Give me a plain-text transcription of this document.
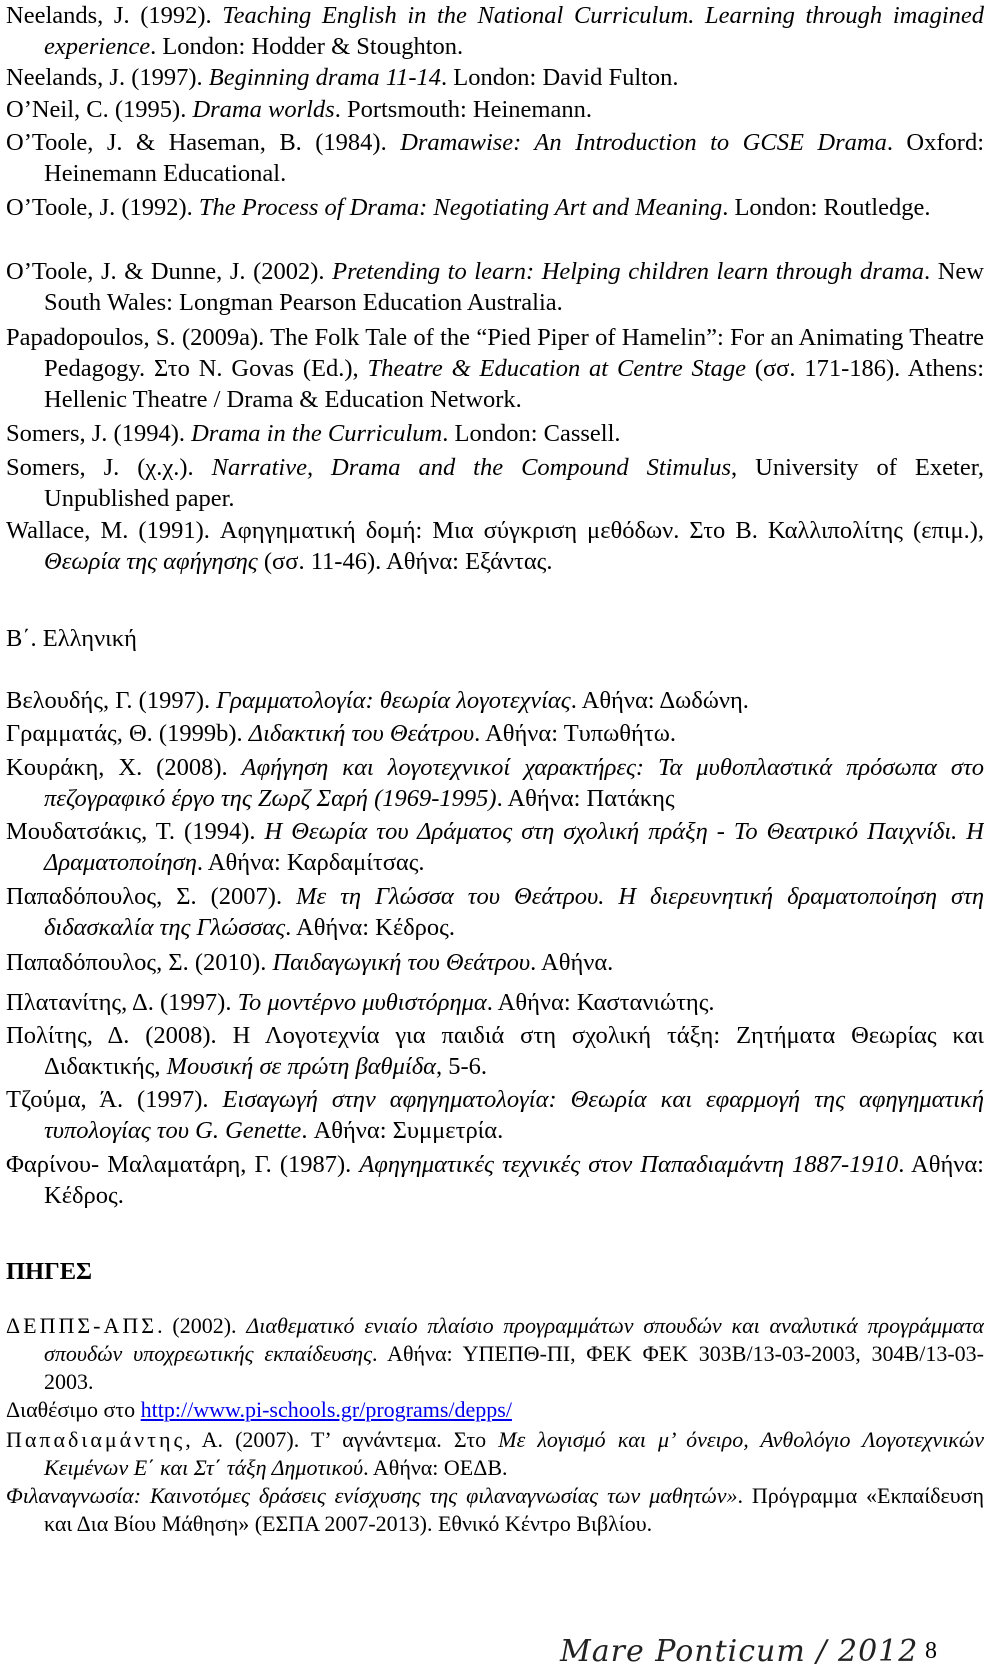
Neelands, J. (1992). Teaching English in the National Curriculum. Learning through imagined experience. London: Hodder & Stoughton.
Neelands, J. (1997). Beginning drama 11-14. London: David Fulton.
O’Neil, C. (1995). Drama worlds. Portsmouth: Heinemann.
O’Toole, J. & Haseman, B. (1984). Dramawise: An Introduction to GCSE Drama. Oxford: Heinemann Educational.
O’Toole, J. (1992). The Process of Drama: Negotiating Art and Meaning. London: Routledge.
O’Toole, J. & Dunne, J. (2002). Pretending to learn: Helping children learn through drama. New South Wales: Longman Pearson Education Australia.
Papadopoulos, S. (2009a). The Folk Tale of the “Pied Piper of Hamelin”: For an Animating Theatre Pedagogy. Στο N. Govas (Ed.), Theatre & Education at Centre Stage (σσ. 171-186). Athens: Hellenic Theatre / Drama & Education Network.
Somers, J. (1994). Drama in the Curriculum. London: Cassell.
Somers, J. (χ.χ.). Narrative, Drama and the Compound Stimulus, University of Exeter, Unpublished paper.
Wallace, M. (1991). Αφηγηματική δομή: Μια σύγκριση μεθόδων. Στο Β. Καλλιπολίτης (επιμ.), Θεωρία της αφήγησης (σσ. 11-46). Αθήνα: Εξάντας.
Β΄. Ελληνική
Βελουδής, Γ. (1997). Γραμματολογία: θεωρία λογοτεχνίας. Αθήνα: Δωδώνη.
Γραμματάς, Θ. (1999b). Διδακτική του Θεάτρου. Αθήνα: Τυπωθήτω.
Κουράκη, Χ. (2008). Αφήγηση και λογοτεχνικοί χαρακτήρες: Τα μυθοπλαστικά πρόσωπα στο πεζογραφικό έργο της Ζωρζ Σαρή (1969-1995). Αθήνα: Πατάκης
Μουδατσάκις, Τ. (1994). Η Θεωρία του Δράματος στη σχολική πράξη - Το Θεατρικό Παιχνίδι. Η Δραματοποίηση. Αθήνα: Καρδαμίτσας.
Παπαδόπουλος, Σ. (2007). Με τη Γλώσσα του Θεάτρου. Η διερευνητική δραματοποίηση στη διδασκαλία της Γλώσσας. Αθήνα: Κέδρος.
Παπαδόπουλος, Σ. (2010). Παιδαγωγική του Θεάτρου. Αθήνα.
Πλατανίτης, Δ. (1997). Το μοντέρνο μυθιστόρημα. Αθήνα: Καστανιώτης.
Πολίτης, Δ. (2008). Η Λογοτεχνία για παιδιά στη σχολική τάξη: Ζητήματα Θεωρίας και Διδακτικής, Μουσική σε πρώτη βαθμίδα, 5-6.
Τζούμα, Ά. (1997). Εισαγωγή στην αφηγηματολογία: Θεωρία και εφαρμογή της αφηγηματική τυπολογίας του G. Genette. Αθήνα: Συμμετρία.
Φαρίνου- Μαλαματάρη, Γ. (1987). Αφηγηματικές τεχνικές στον Παπαδιαμάντη 1887-1910. Αθήνα: Κέδρος.
ΠΗΓΕΣ
ΔΕΠΠΣ-ΑΠΣ. (2002). Διαθεματικό ενιαίο πλαίσιο προγραμμάτων σπουδών και αναλυτικά προγράμματα σπουδών υποχρεωτικής εκπαίδευσης. Αθήνα: ΥΠΕΠΘ-ΠΙ, ΦΕΚ ΦΕΚ 303Β/13-03-2003, 304Β/13-03-2003.
Διαθέσιμο στο http://www.pi-schools.gr/programs/depps/
Παπαδιαμάντης, Α. (2007). Τ’ αγνάντεμα. Στο Με λογισμό και μ’ όνειρο, Ανθολόγιο Λογοτεχνικών Κειμένων Ε΄ και Στ΄ τάξη Δημοτικού. Αθήνα: ΟΕΔΒ.
Φιλαναγνωσία: Καινοτόμες δράσεις ενίσχυσης της φιλαναγνωσίας των μαθητών». Πρόγραμμα «Εκπαίδευση και Δια Βίου Μάθηση» (ΕΣΠΑ 2007-2013). Εθνικό Κέντρο Βιβλίου.
Mare Ponticum / 2012 8
